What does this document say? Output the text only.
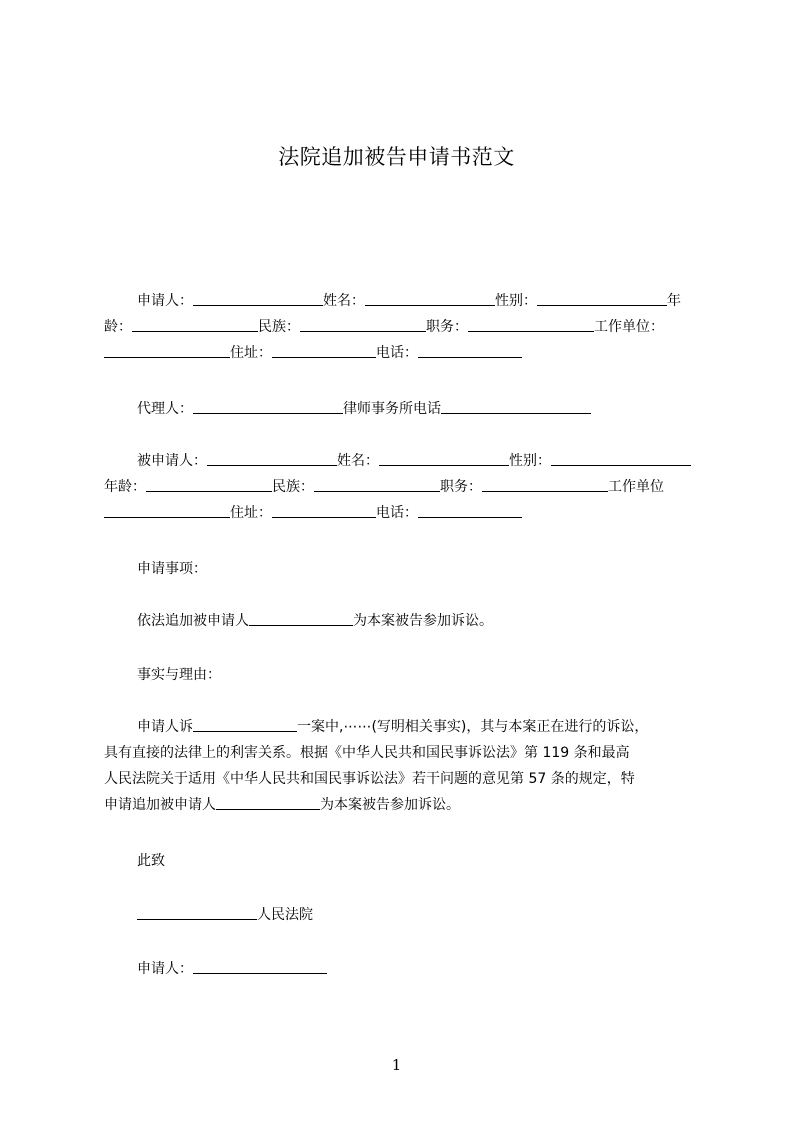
法院追加被告申请书范文
申请人：	姓名：	性别：	年
龄：	民族：	职务：	工作单位：
住址：	电话：
代理人：	律师事务所电话
被申请人：	姓名：	性别：
年龄：	民族：	职务：	工作单位
住址：	电话：
申请事项：
依法追加被申请人	为本案被告参加诉讼。
事实与理由：
申请人诉	一案中,⋯⋯(写明相关事实)，其与本案正在进行的诉讼，
具有直接的法律上的利害关系。根据《中华人民共和国民事诉讼法》第 119 条和最高
人民法院关于适用《中华人民共和国民事诉讼法》若干问题的意见第 57 条的规定，特
申请追加被申请人	为本案被告参加诉讼。
此致
人民法院
申请人：
1
